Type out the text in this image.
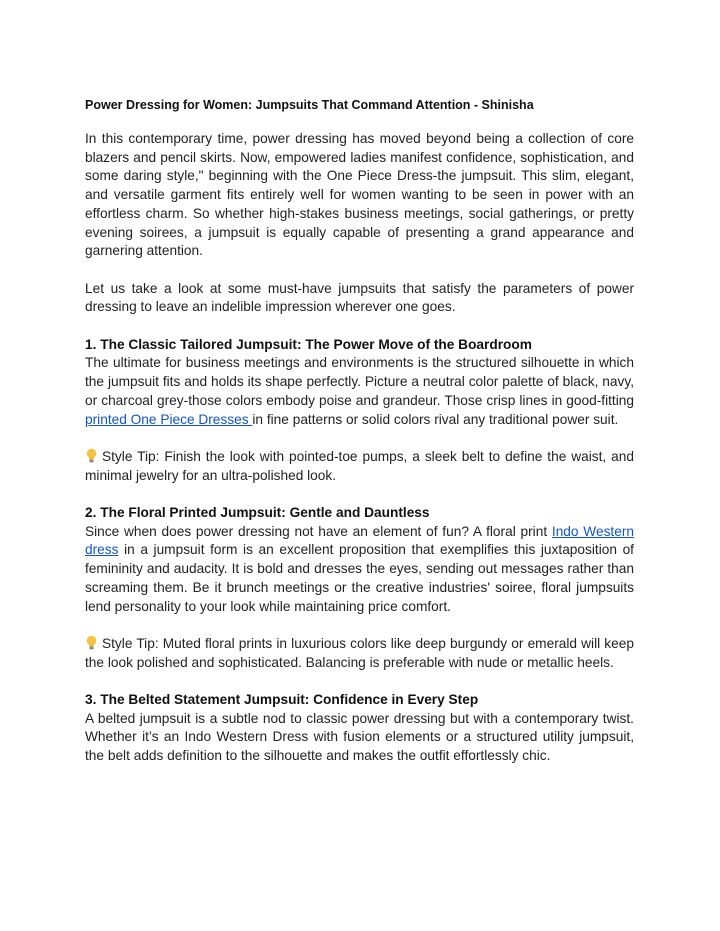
Power Dressing for Women: Jumpsuits That Command Attention - Shinisha

In this contemporary time, power dressing has moved beyond being a collection of core blazers and pencil skirts. Now, empowered ladies manifest confidence, sophistication, and some daring style," beginning with the One Piece Dress-the jumpsuit. This slim, elegant, and versatile garment fits entirely well for women wanting to be seen in power with an effortless charm. So whether high-stakes business meetings, social gatherings, or pretty evening soirees, a jumpsuit is equally capable of presenting a grand appearance and garnering attention.

Let us take a look at some must-have jumpsuits that satisfy the parameters of power dressing to leave an indelible impression wherever one goes.

1. The Classic Tailored Jumpsuit: The Power Move of the Boardroom

The ultimate for business meetings and environments is the structured silhouette in which the jumpsuit fits and holds its shape perfectly. Picture a neutral color palette of black, navy, or charcoal grey-those colors embody poise and grandeur. Those crisp lines in good-fitting printed One Piece Dresses in fine patterns or solid colors rival any traditional power suit.

Style Tip: Finish the look with pointed-toe pumps, a sleek belt to define the waist, and minimal jewelry for an ultra-polished look.

2. The Floral Printed Jumpsuit: Gentle and Dauntless

Since when does power dressing not have an element of fun? A floral print Indo Western dress in a jumpsuit form is an excellent proposition that exemplifies this juxtaposition of femininity and audacity. It is bold and dresses the eyes, sending out messages rather than screaming them. Be it brunch meetings or the creative industries' soiree, floral jumpsuits lend personality to your look while maintaining price comfort.

Style Tip: Muted floral prints in luxurious colors like deep burgundy or emerald will keep the look polished and sophisticated. Balancing is preferable with nude or metallic heels.

3. The Belted Statement Jumpsuit: Confidence in Every Step

A belted jumpsuit is a subtle nod to classic power dressing but with a contemporary twist. Whether it’s an Indo Western Dress with fusion elements or a structured utility jumpsuit, the belt adds definition to the silhouette and makes the outfit effortlessly chic.
